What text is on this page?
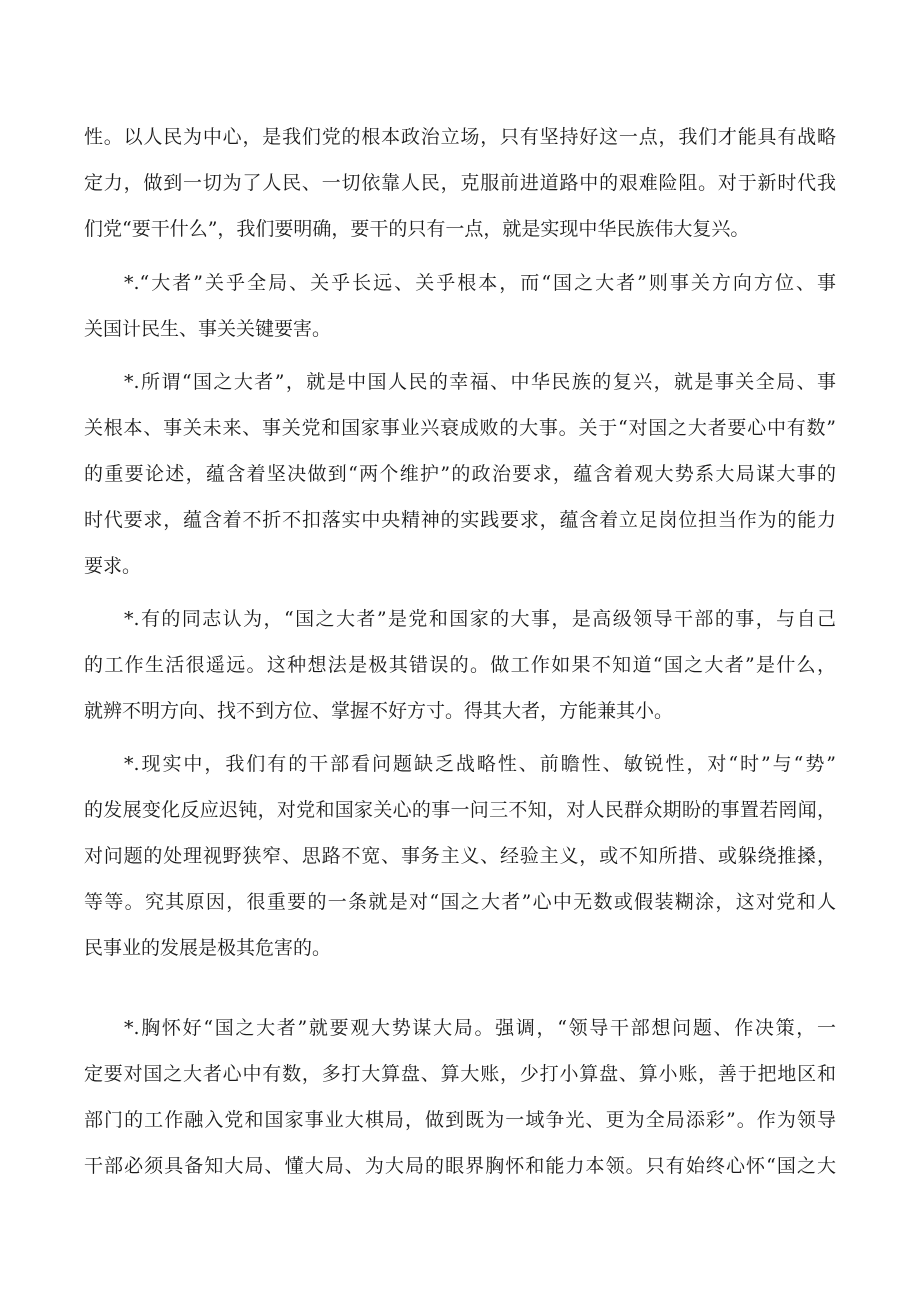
性。以人民为中心，是我们党的根本政治立场，只有坚持好这一点，我们才能具有战略
定力，做到一切为了人民、一切依靠人民，克服前进道路中的艰难险阻。对于新时代我
们党“要干什么”，我们要明确，要干的只有一点，就是实现中华民族伟大复兴。
*.“大者”关乎全局、关乎长远、关乎根本，而“国之大者”则事关方向方位、事
关国计民生、事关关键要害。
*.所谓“国之大者”，就是中国人民的幸福、中华民族的复兴，就是事关全局、事
关根本、事关未来、事关党和国家事业兴衰成败的大事。关于“对国之大者要心中有数”
的重要论述，蕴含着坚决做到“两个维护”的政治要求，蕴含着观大势系大局谋大事的
时代要求，蕴含着不折不扣落实中央精神的实践要求，蕴含着立足岗位担当作为的能力
要求。
*.有的同志认为，“国之大者”是党和国家的大事，是高级领导干部的事，与自己
的工作生活很遥远。这种想法是极其错误的。做工作如果不知道“国之大者”是什么，
就辨不明方向、找不到方位、掌握不好方寸。得其大者，方能兼其小。
*.现实中，我们有的干部看问题缺乏战略性、前瞻性、敏锐性，对“时”与“势”
的发展变化反应迟钝，对党和国家关心的事一问三不知，对人民群众期盼的事置若罔闻，
对问题的处理视野狭窄、思路不宽、事务主义、经验主义，或不知所措、或躲绕推搡，
等等。究其原因，很重要的一条就是对“国之大者”心中无数或假装糊涂，这对党和人
民事业的发展是极其危害的。
*.胸怀好“国之大者”就要观大势谋大局。强调，“领导干部想问题、作决策，一
定要对国之大者心中有数，多打大算盘、算大账，少打小算盘、算小账，善于把地区和
部门的工作融入党和国家事业大棋局，做到既为一域争光、更为全局添彩”。作为领导
干部必须具备知大局、懂大局、为大局的眼界胸怀和能力本领。只有始终心怀“国之大
